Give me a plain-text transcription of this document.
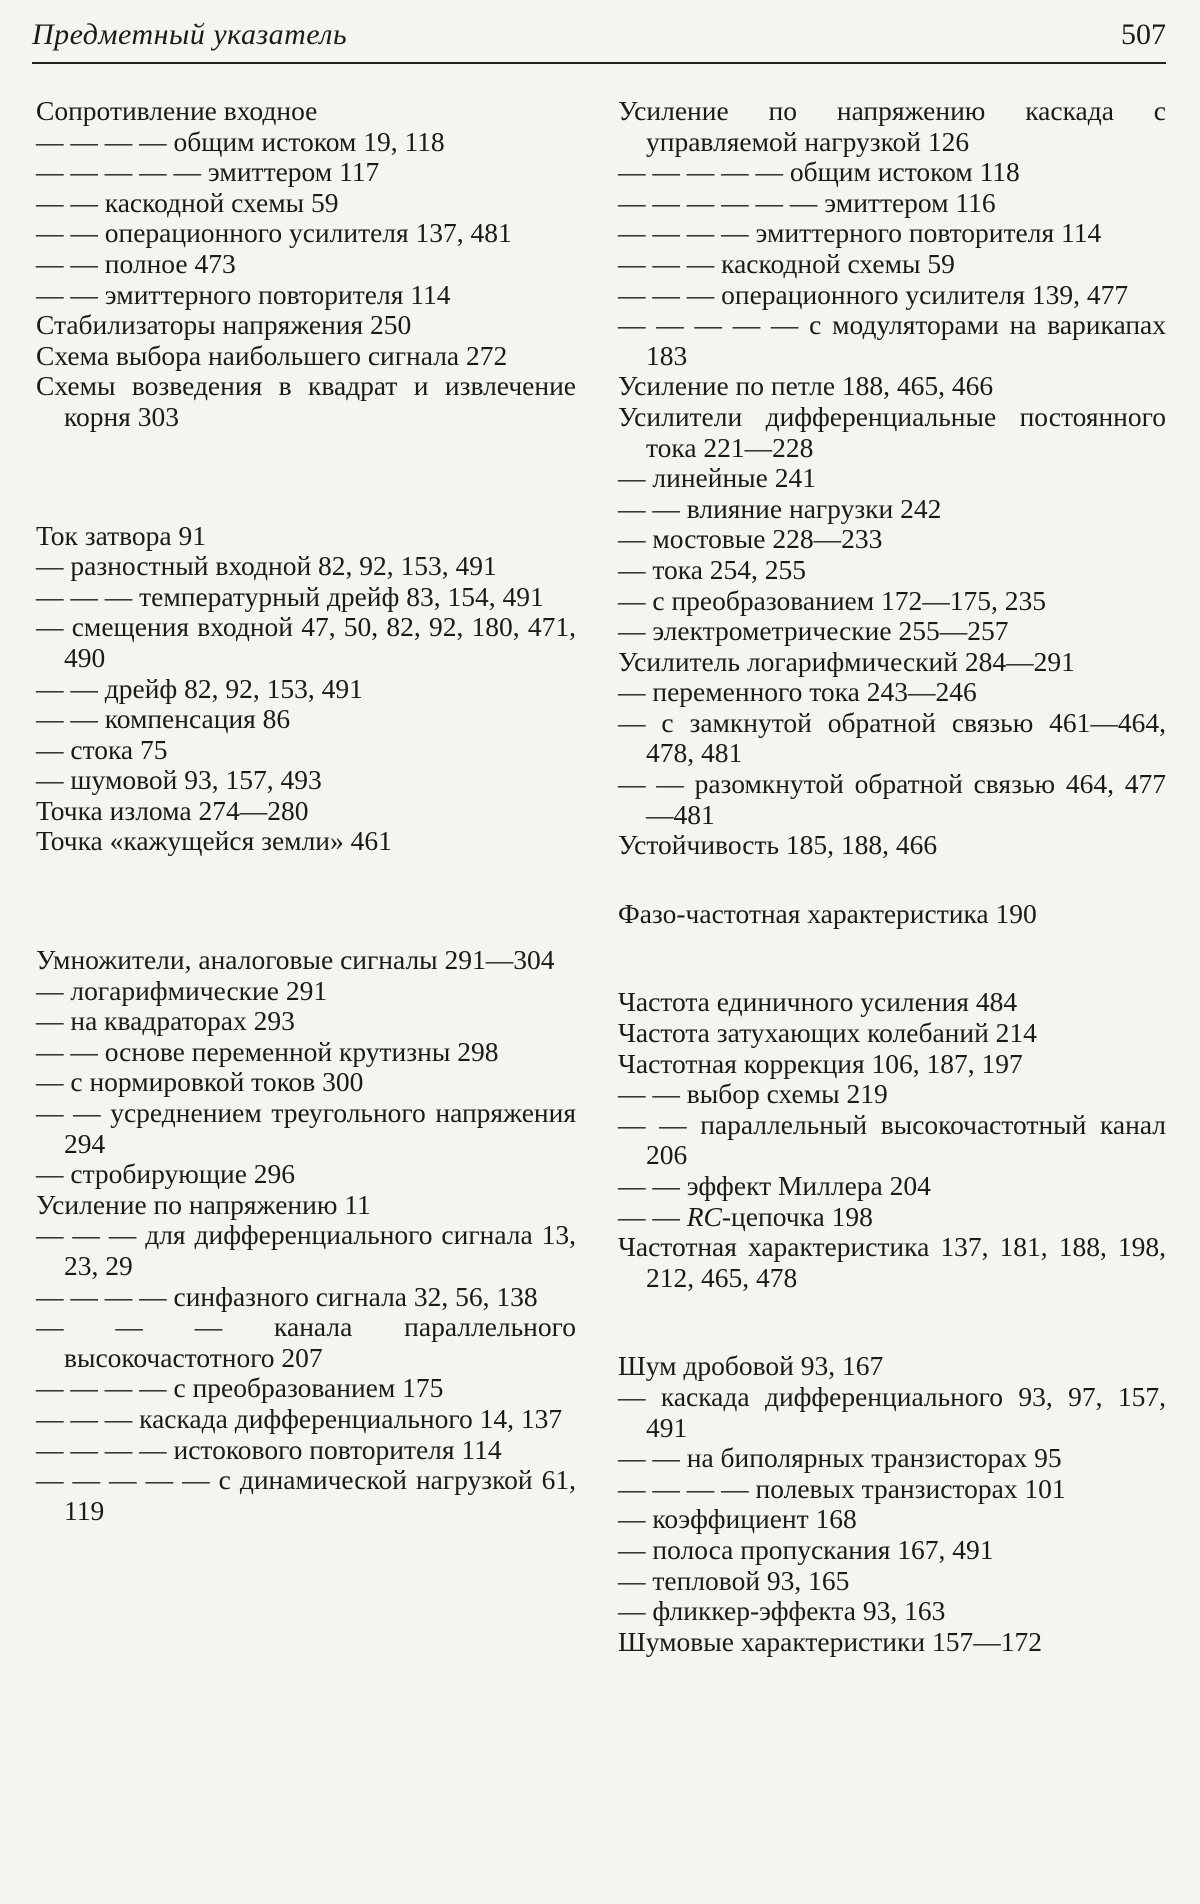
Предметный указатель	507
Сопротивление входное
— — — — общим истоком 19, 118
— — — — — эмиттером 117
— — каскодной схемы 59
— — операционного усилителя 137, 481
— — полное 473
— — эмиттерного повторителя 114
Стабилизаторы напряжения 250
Схема выбора наибольшего сигнала 272
Схемы возведения в квадрат и извлечение корня 303
Ток затвора 91
— разностный входной 82, 92, 153, 491
— — — температурный дрейф 83, 154, 491
— смещения входной 47, 50, 82, 92, 180, 471, 490
— — дрейф 82, 92, 153, 491
— — компенсация 86
— стока 75
— шумовой 93, 157, 493
Точка излома 274—280
Точка «кажущейся земли» 461
Умножители, аналоговые сигналы 291—304
— логарифмические 291
— на квадраторах 293
— — основе переменной крутизны 298
— с нормировкой токов 300
— — усреднением треугольного напряжения 294
— стробирующие 296
Усиление по напряжению 11
— — — для дифференциального сигнала 13, 23, 29
— — — — синфазного сигнала 32, 56, 138
— — — канала параллельного высокочастотного 207
— — — — с преобразованием 175
— — — каскада дифференциального 14, 137
— — — — истокового повторителя 114
— — — — — с динамической нагрузкой 61, 119
Усиление по напряжению каскада с управляемой нагрузкой 126
— — — — — общим истоком 118
— — — — — — эмиттером 116
— — — — эмиттерного повторителя 114
— — — каскодной схемы 59
— — — операционного усилителя 139, 477
— — — — — с модуляторами на варикапах 183
Усиление по петле 188, 465, 466
Усилители дифференциальные постоянного тока 221—228
— линейные 241
— — влияние нагрузки 242
— мостовые 228—233
— тока 254, 255
— с преобразованием 172—175, 235
— электрометрические 255—257
Усилитель логарифмический 284—291
— переменного тока 243—246
— с замкнутой обратной связью 461—464, 478, 481
— — разомкнутой обратной связью 464, 477—481
Устойчивость 185, 188, 466
Фазо-частотная характеристика 190
Частота единичного усиления 484
Частота затухающих колебаний 214
Частотная коррекция 106, 187, 197
— — выбор схемы 219
— — параллельный высокочастотный канал 206
— — эффект Миллера 204
— — RC-цепочка 198
Частотная характеристика 137, 181, 188, 198, 212, 465, 478
Шум дробовой 93, 167
— каскада дифференциального 93, 97, 157, 491
— — на биполярных транзисторах 95
— — — — полевых транзисторах 101
— коэффициент 168
— полоса пропускания 167, 491
— тепловой 93, 165
— фликкер-эффекта 93, 163
Шумовые характеристики 157—172
